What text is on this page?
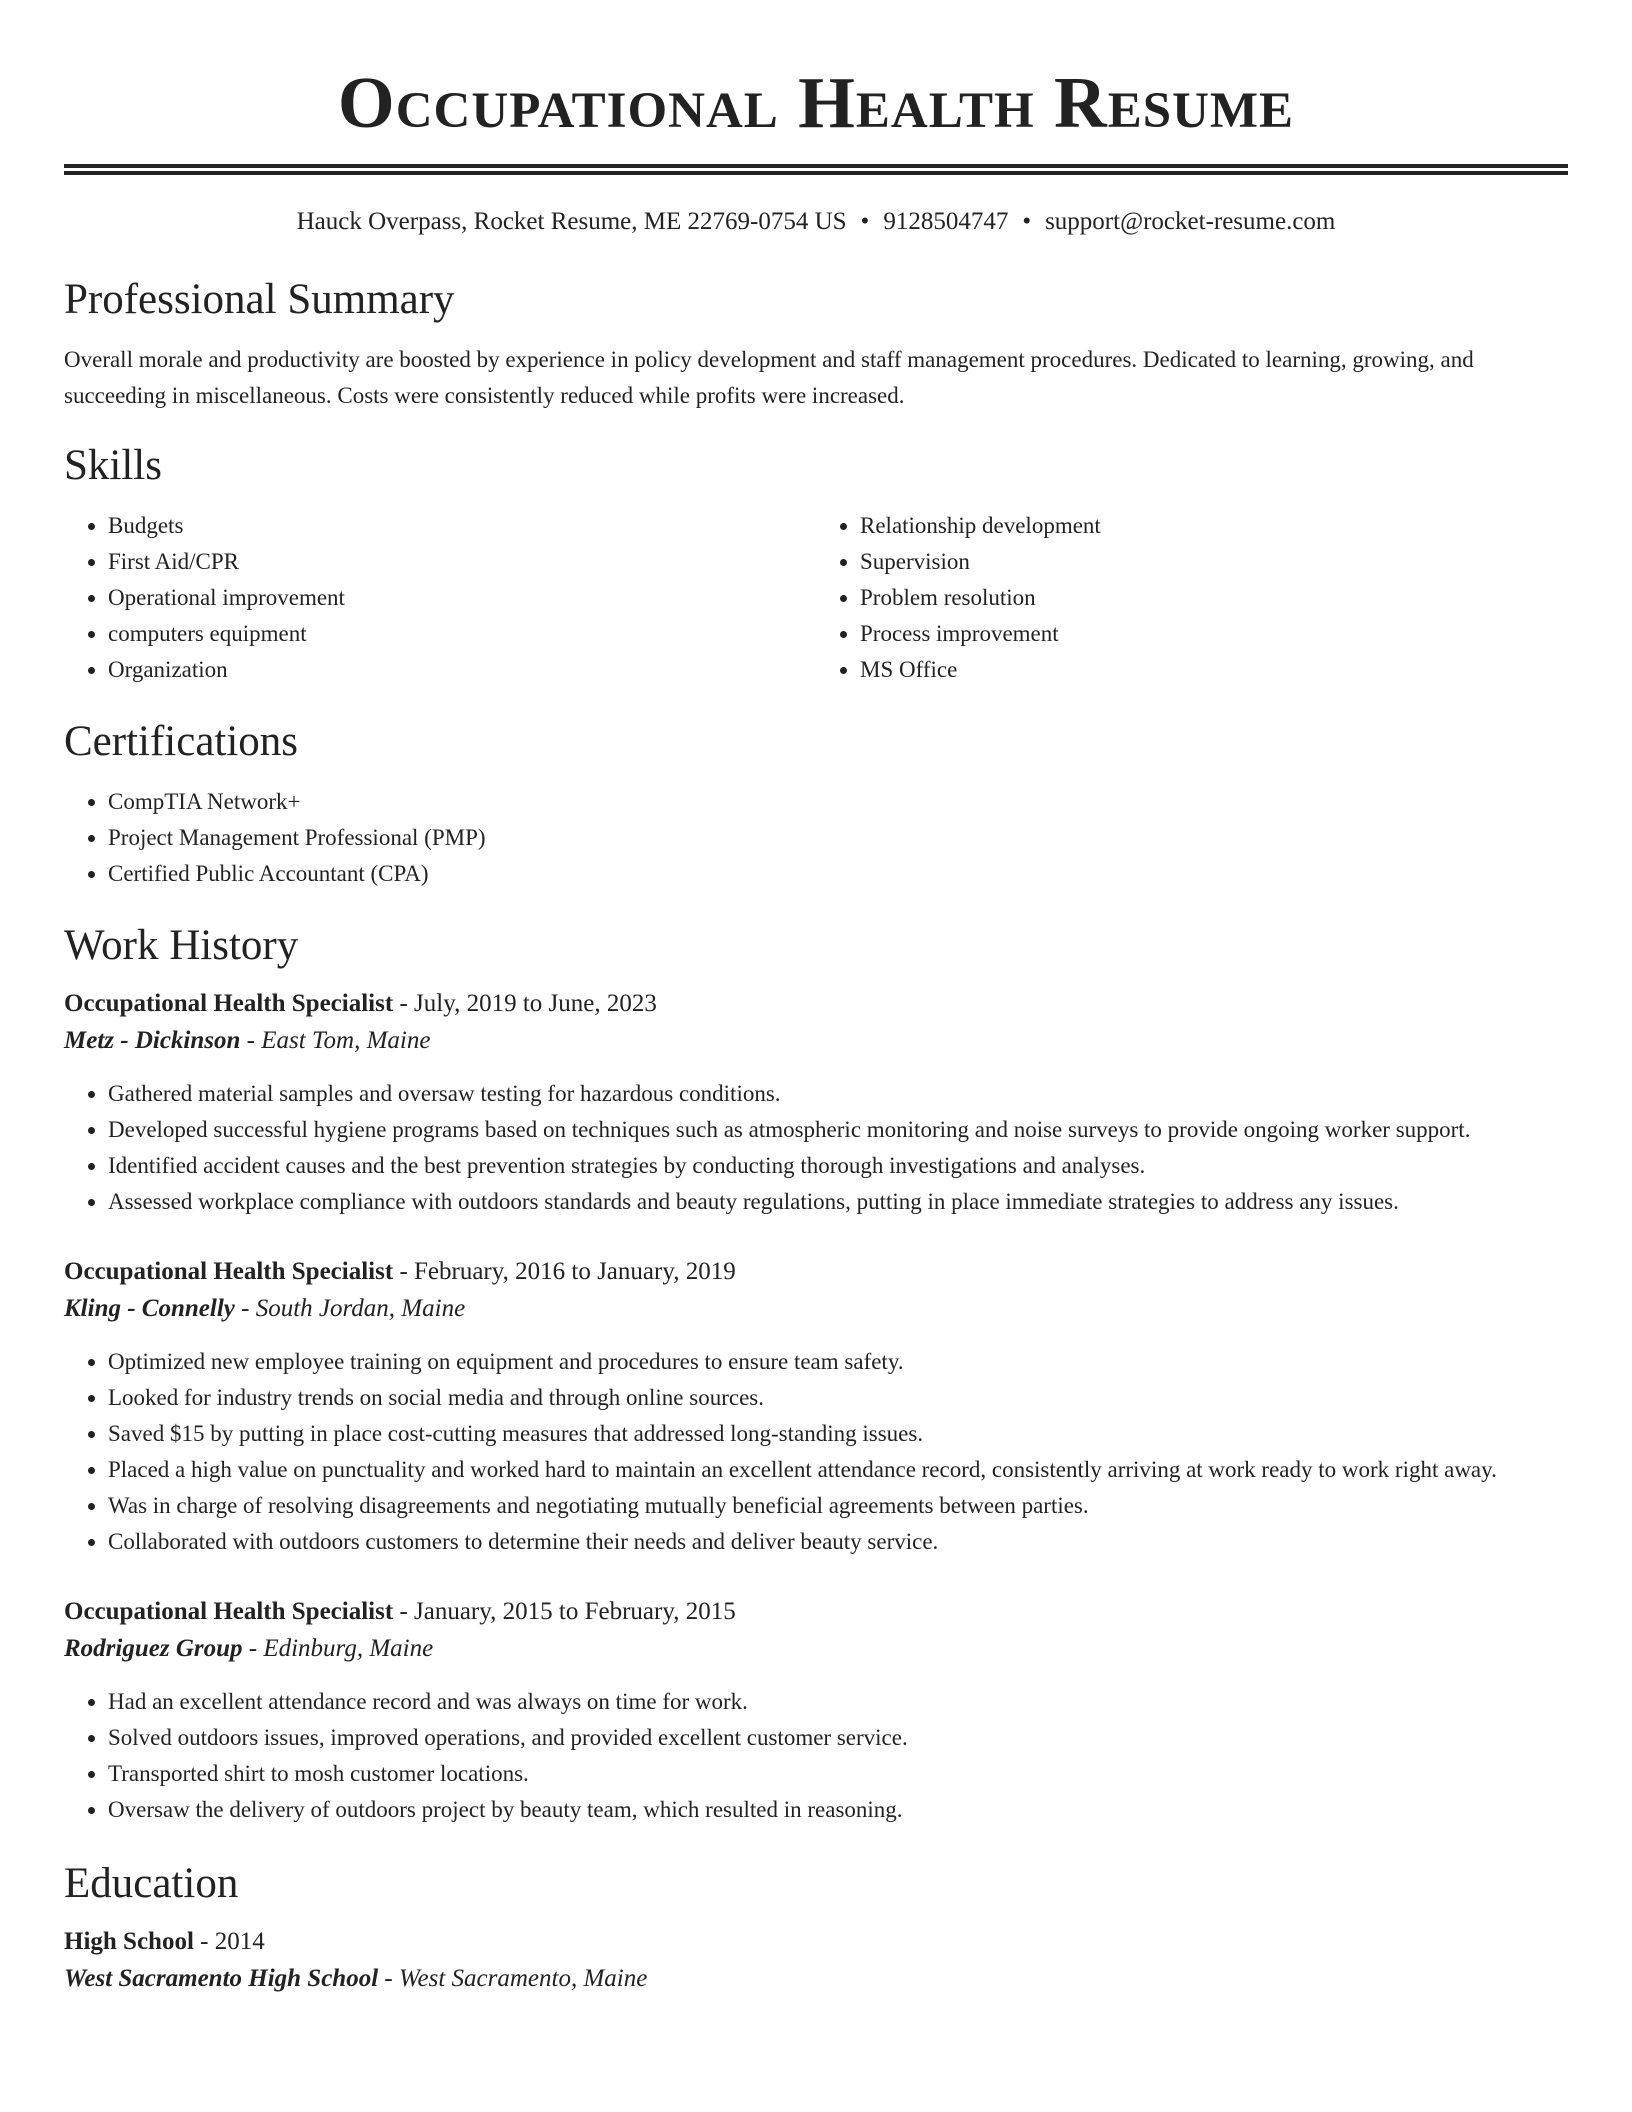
Occupational Health Resume
Hauck Overpass, Rocket Resume, ME 22769-0754 US • 9128504747 • support@rocket-resume.com
Professional Summary

Overall morale and productivity are boosted by experience in policy development and staff management procedures. Dedicated to learning, growing, and succeeding in miscellaneous. Costs were consistently reduced while profits were increased.

Skills
• Budgets
• First Aid/CPR
• Operational improvement
• computers equipment
• Organization
• Relationship development
• Supervision
• Problem resolution
• Process improvement
• MS Office
Certifications
• CompTIA Network+
• Project Management Professional (PMP)
• Certified Public Accountant (CPA)
Work History
Occupational Health Specialist - July, 2019 to June, 2023
Metz - Dickinson - East Tom, Maine
• Gathered material samples and oversaw testing for hazardous conditions.
• Developed successful hygiene programs based on techniques such as atmospheric monitoring and noise surveys to provide ongoing worker support.
• Identified accident causes and the best prevention strategies by conducting thorough investigations and analyses.
• Assessed workplace compliance with outdoors standards and beauty regulations, putting in place immediate strategies to address any issues.
Occupational Health Specialist - February, 2016 to January, 2019
Kling - Connelly - South Jordan, Maine
• Optimized new employee training on equipment and procedures to ensure team safety.
• Looked for industry trends on social media and through online sources.
• Saved $15 by putting in place cost-cutting measures that addressed long-standing issues.
• Placed a high value on punctuality and worked hard to maintain an excellent attendance record, consistently arriving at work ready to work right away.
• Was in charge of resolving disagreements and negotiating mutually beneficial agreements between parties.
• Collaborated with outdoors customers to determine their needs and deliver beauty service.
Occupational Health Specialist - January, 2015 to February, 2015
Rodriguez Group - Edinburg, Maine
• Had an excellent attendance record and was always on time for work.
• Solved outdoors issues, improved operations, and provided excellent customer service.
• Transported shirt to mosh customer locations.
• Oversaw the delivery of outdoors project by beauty team, which resulted in reasoning.
Education
High School - 2014
West Sacramento High School - West Sacramento, Maine
